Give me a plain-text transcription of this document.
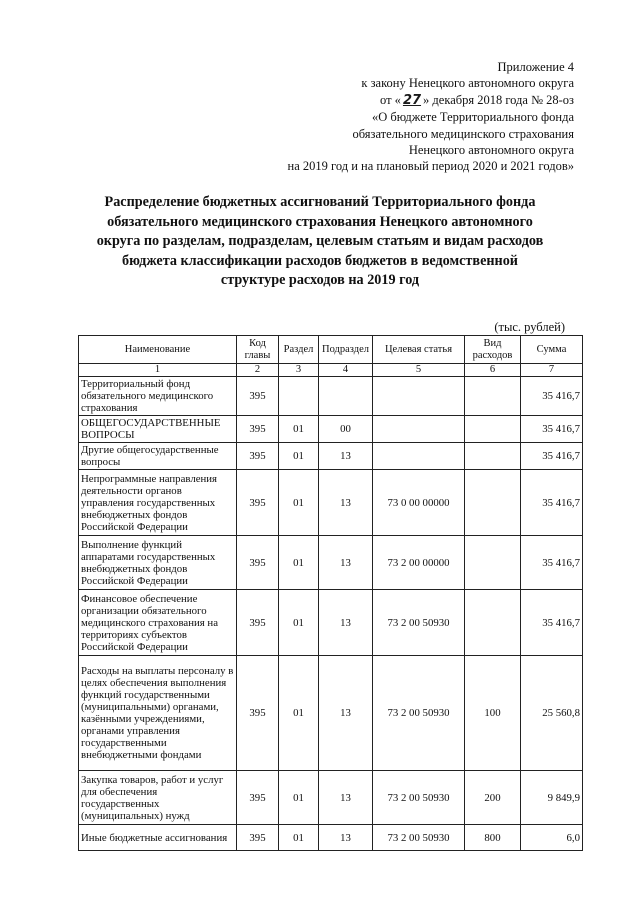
Приложение 4
к закону Ненецкого автономного округа
от « 27 » декабря 2018 года № 28-оз
«О бюджете Территориального фонда
обязательного медицинского страхования
Ненецкого автономного округа
на 2019 год и на плановый период 2020 и 2021 годов»
Распределение бюджетных ассигнований Территориального фонда
обязательного медицинского страхования Ненецкого автономного
округа по разделам, подразделам, целевым статьям и видам расходов
бюджета классификации расходов бюджетов в ведомственной
структуре расходов на 2019 год
(тыс. рублей)
Наименование	Код главы	Раздел	Подраздел	Целевая статья	Вид расходов	Сумма
1	2	3	4	5	6	7
Территориальный фонд обязательного медицинского страхования	395					35 416,7
ОБЩЕГОСУДАРСТВЕННЫЕ ВОПРОСЫ	395	01	00			35 416,7
Другие общегосударственные вопросы	395	01	13			35 416,7
Непрограммные направления деятельности органов управления государственных внебюджетных фондов Российской Федерации	395	01	13	73 0 00 00000		35 416,7
Выполнение функций аппаратами государственных внебюджетных фондов Российской Федерации	395	01	13	73 2 00 00000		35 416,7
Финансовое обеспечение организации обязательного медицинского страхования на территориях субъектов Российской Федерации	395	01	13	73 2 00 50930		35 416,7
Расходы на выплаты персоналу в целях обеспечения выполнения функций государственными (муниципальными) органами, казёнными учреждениями, органами управления государственными внебюджетными фондами	395	01	13	73 2 00 50930	100	25 560,8
Закупка товаров, работ и услуг для обеспечения государственных (муниципальных) нужд	395	01	13	73 2 00 50930	200	9 849,9
Иные бюджетные ассигнования	395	01	13	73 2 00 50930	800	6,0
